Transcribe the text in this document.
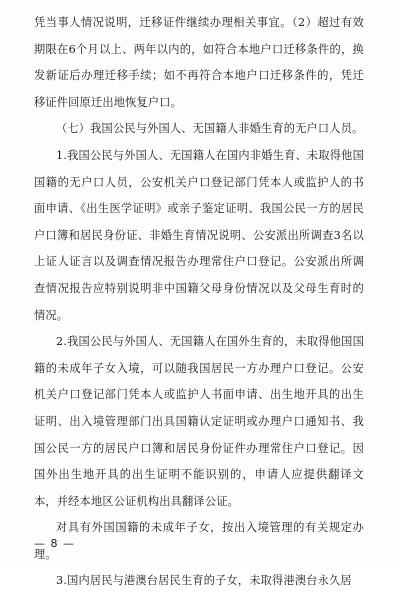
凭当事人情况说明，迁移证件继续办理相关事宜。（2）超过有效期限在6个月以上、两年以内的，如符合本地户口迁移条件的，换发新证后办理迁移手续；如不再符合本地户口迁移条件的，凭迁移证件回原迁出地恢复户口。

（七）我国公民与外国人、无国籍人非婚生育的无户口人员。

1.我国公民与外国人、无国籍人在国内非婚生育、未取得他国国籍的无户口人员，公安机关户口登记部门凭本人或监护人的书面申请、《出生医学证明》或亲子鉴定证明、我国公民一方的居民户口簿和居民身份证、非婚生育情况说明、公安派出所调查3名以上证人证言以及调查情况报告办理常住户口登记。公安派出所调查情况报告应特别说明非中国籍父母身份情况以及父母生育时的情况。

2.我国公民与外国人、无国籍人在国外生育的，未取得他国国籍的未成年子女入境，可以随我国居民一方办理户口登记。公安机关户口登记部门凭本人或监护人书面申请、出生地开具的出生证明、出入境管理部门出具国籍认定证明或办理户口通知书、我国公民一方的居民户口簿和居民身份证件办理常住户口登记。因国外出生地开具的出生证明不能识别的，申请人应提供翻译文本，并经本地区公证机构出具翻译公证。

对具有外国国籍的未成年子女，按出入境管理的有关规定办理。

3.国内居民与港澳台居民生育的子女，未取得港澳台永久居

— 8 —
